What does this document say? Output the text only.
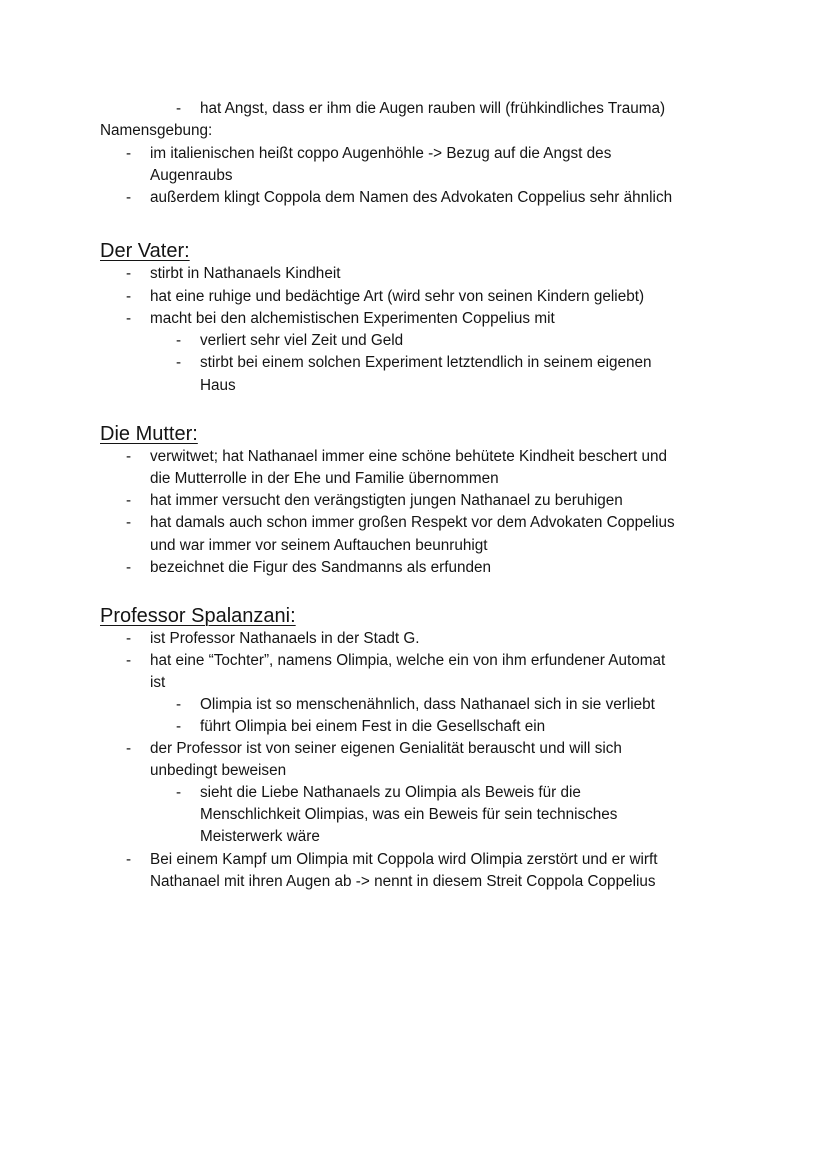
- hat Angst, dass er ihm die Augen rauben will (frühkindliches Trauma)
Namensgebung:
- im italienischen heißt coppo Augenhöhle -> Bezug auf die Angst des
Augenraubs
- außerdem klingt Coppola dem Namen des Advokaten Coppelius sehr ähnlich
Der Vater:
- stirbt in Nathanaels Kindheit
- hat eine ruhige und bedächtige Art (wird sehr von seinen Kindern geliebt)
- macht bei den alchemistischen Experimenten Coppelius mit
- verliert sehr viel Zeit und Geld
- stirbt bei einem solchen Experiment letztendlich in seinem eigenen
Haus
Die Mutter:
- verwitwet; hat Nathanael immer eine schöne behütete Kindheit beschert und
die Mutterrolle in der Ehe und Familie übernommen
- hat immer versucht den verängstigten jungen Nathanael zu beruhigen
- hat damals auch schon immer großen Respekt vor dem Advokaten Coppelius
und war immer vor seinem Auftauchen beunruhigt
- bezeichnet die Figur des Sandmanns als erfunden
Professor Spalanzani:
- ist Professor Nathanaels in der Stadt G.
- hat eine “Tochter”, namens Olimpia, welche ein von ihm erfundener Automat
ist
- Olimpia ist so menschenähnlich, dass Nathanael sich in sie verliebt
- führt Olimpia bei einem Fest in die Gesellschaft ein
- der Professor ist von seiner eigenen Genialität berauscht und will sich
unbedingt beweisen
- sieht die Liebe Nathanaels zu Olimpia als Beweis für die
Menschlichkeit Olimpias, was ein Beweis für sein technisches
Meisterwerk wäre
- Bei einem Kampf um Olimpia mit Coppola wird Olimpia zerstört und er wirft
Nathanael mit ihren Augen ab -> nennt in diesem Streit Coppola Coppelius
